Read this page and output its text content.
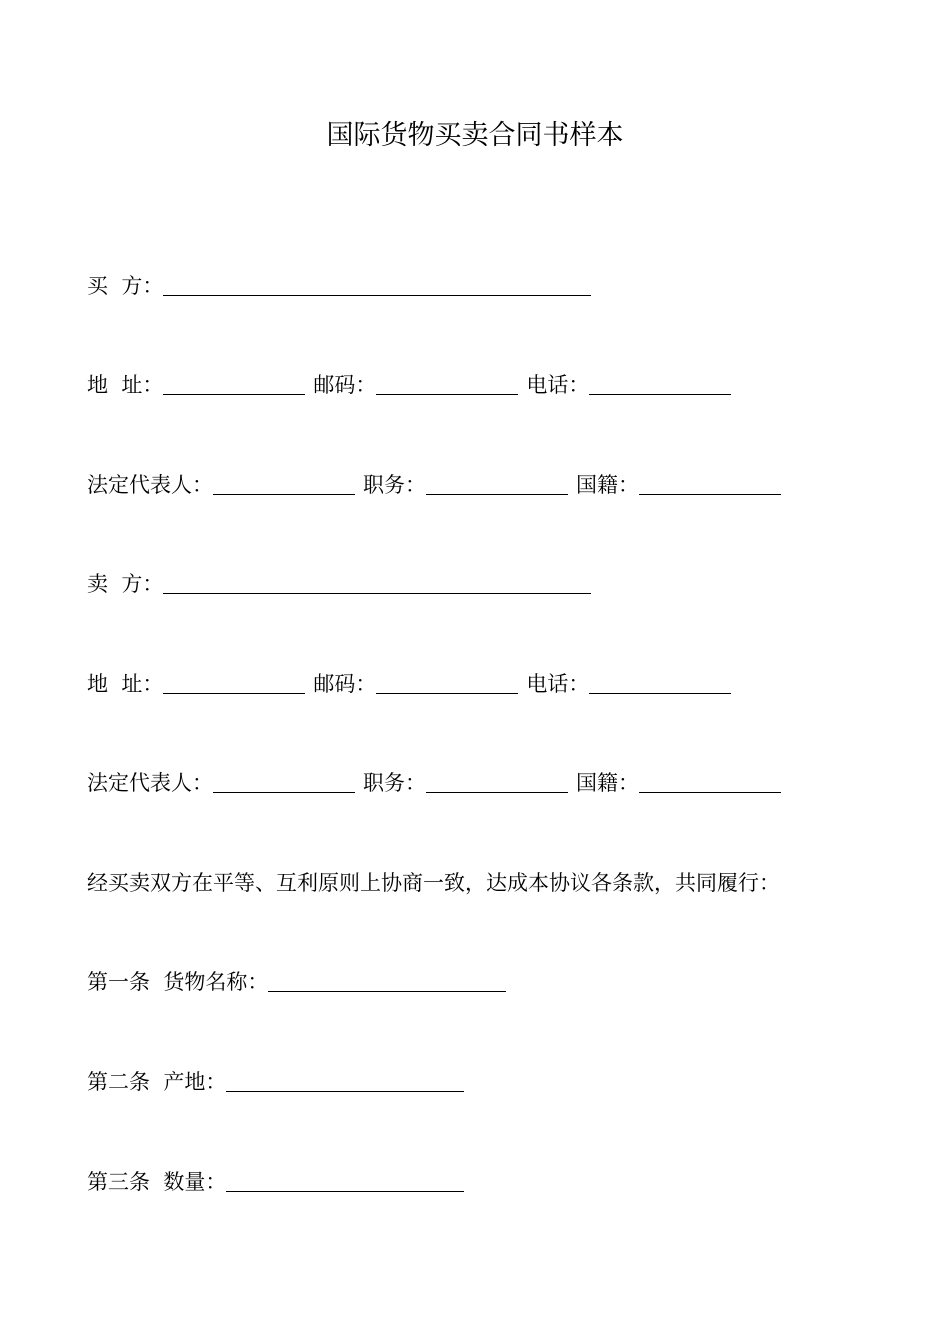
国际货物买卖合同书样本
买  方：
地  址：	邮码：	电话：
法定代表人：	职务：	国籍：
卖  方：
地  址：	邮码：	电话：
法定代表人：	职务：	国籍：
经买卖双方在平等、互利原则上协商一致，达成本协议各条款，共同履行：
第一条  货物名称：
第二条  产地：
第三条  数量：
